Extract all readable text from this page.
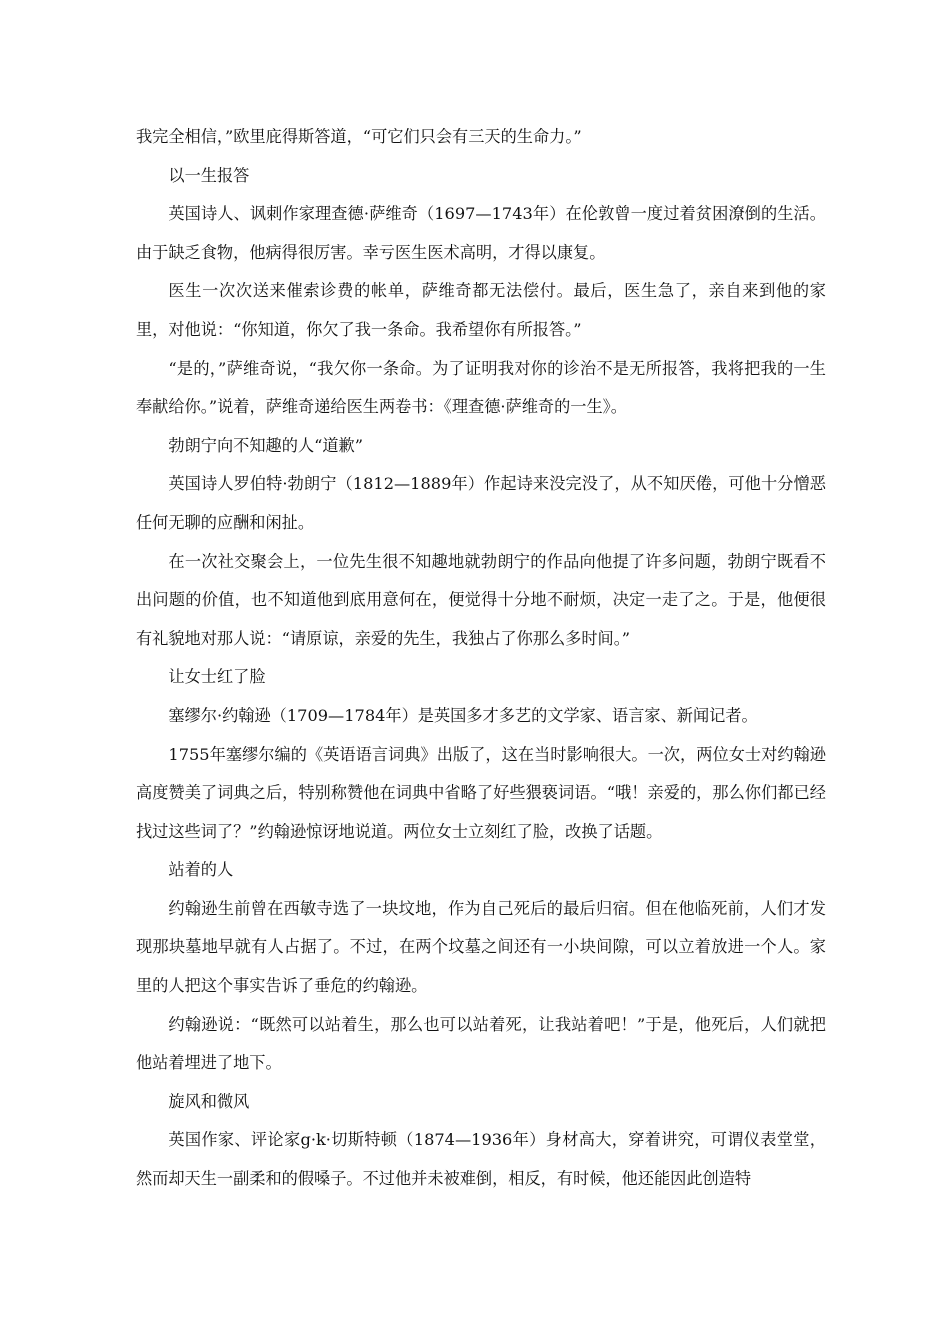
我完全相信，”欧里庇得斯答道，“可它们只会有三天的生命力。”

以一生报答

英国诗人、讽刺作家理查德·萨维奇（1697—1743年）在伦敦曾一度过着贫困潦倒的生活。由于缺乏食物，他病得很厉害。幸亏医生医术高明，才得以康复。

医生一次次送来催索诊费的帐单，萨维奇都无法偿付。最后，医生急了，亲自来到他的家里，对他说：“你知道，你欠了我一条命。我希望你有所报答。”

“是的，”萨维奇说，“我欠你一条命。为了证明我对你的诊治不是无所报答，我将把我的一生奉献给你。”说着，萨维奇递给医生两卷书：《理查德·萨维奇的一生》。

勃朗宁向不知趣的人“道歉”

英国诗人罗伯特·勃朗宁（1812—1889年）作起诗来没完没了，从不知厌倦，可他十分憎恶任何无聊的应酬和闲扯。

在一次社交聚会上，一位先生很不知趣地就勃朗宁的作品向他提了许多问题，勃朗宁既看不出问题的价值，也不知道他到底用意何在，便觉得十分地不耐烦，决定一走了之。于是，他便很有礼貌地对那人说：“请原谅，亲爱的先生，我独占了你那么多时间。”

让女士红了脸

塞缪尔·约翰逊（1709—1784年）是英国多才多艺的文学家、语言家、新闻记者。

1755年塞缪尔编的《英语语言词典》出版了，这在当时影响很大。一次，两位女士对约翰逊高度赞美了词典之后，特别称赞他在词典中省略了好些猥亵词语。“哦！亲爱的，那么你们都已经找过这些词了？”约翰逊惊讶地说道。两位女士立刻红了脸，改换了话题。

站着的人

约翰逊生前曾在西敏寺选了一块坟地，作为自己死后的最后归宿。但在他临死前，人们才发现那块墓地早就有人占据了。不过，在两个坟墓之间还有一小块间隙，可以立着放进一个人。家里的人把这个事实告诉了垂危的约翰逊。

约翰逊说：“既然可以站着生，那么也可以站着死，让我站着吧！”于是，他死后，人们就把他站着埋进了地下。

旋风和微风

英国作家、评论家g·k·切斯特顿（1874—1936年）身材高大，穿着讲究，可谓仪表堂堂，然而却天生一副柔和的假嗓子。不过他并未被难倒，相反，有时候，他还能因此创造特
